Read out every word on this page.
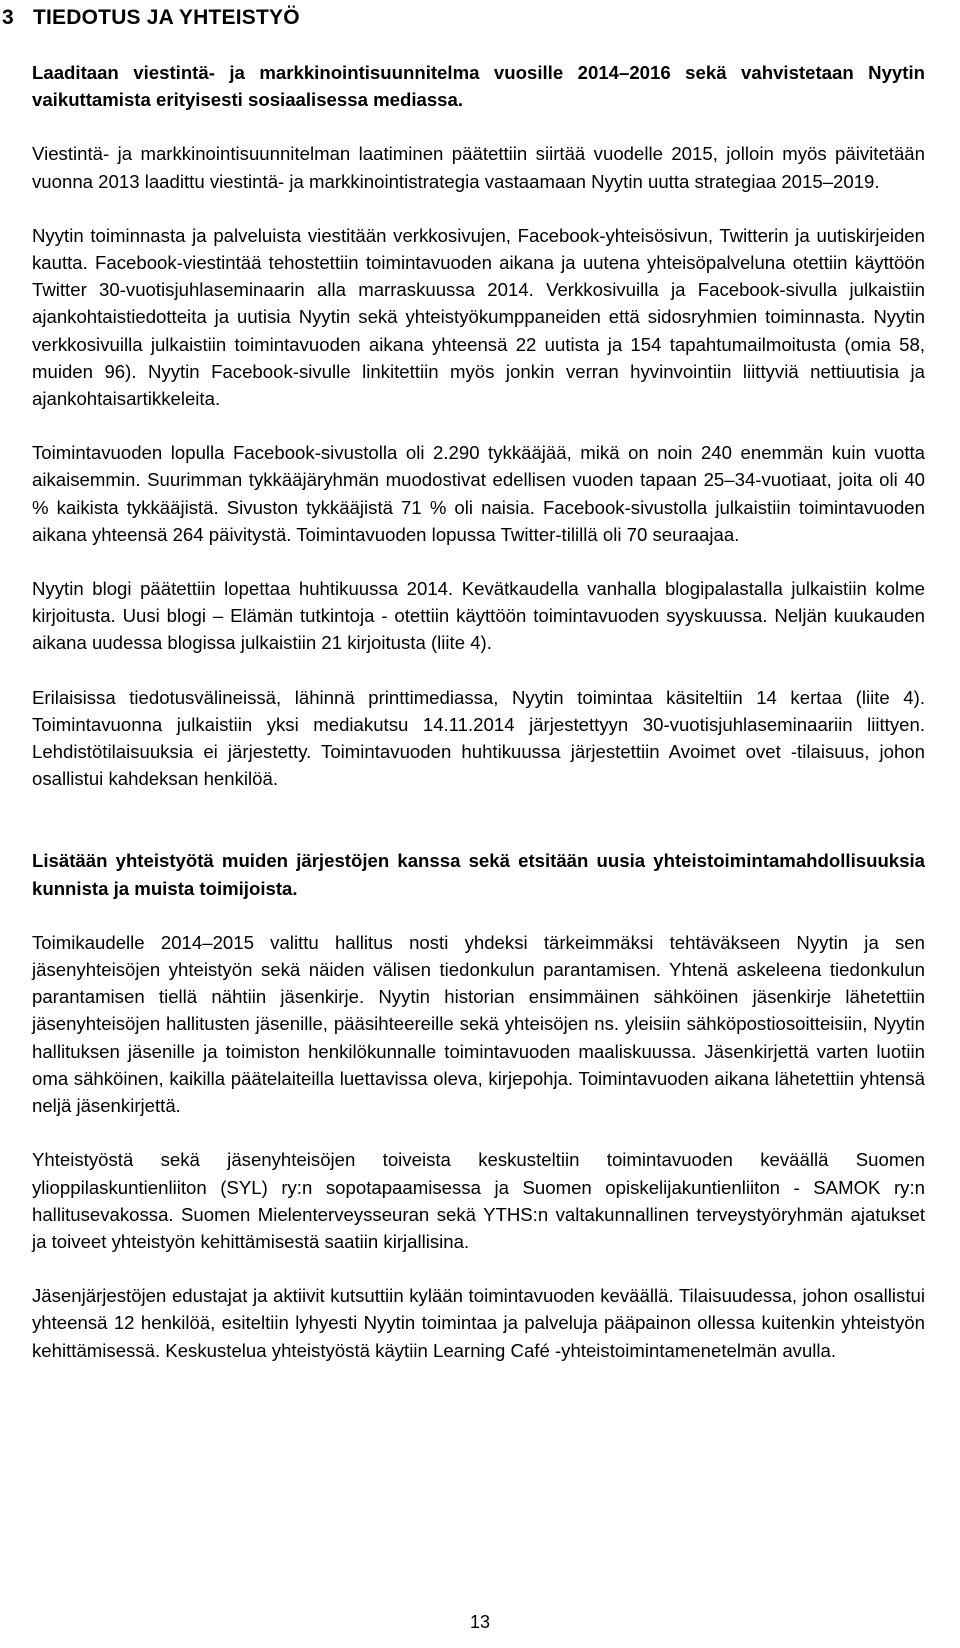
3 TIEDOTUS JA YHTEISTYÖ

Laaditaan viestintä- ja markkinointisuunnitelma vuosille 2014–2016 sekä vahvistetaan Nyytin vaikuttamista erityisesti sosiaalisessa mediassa.

Viestintä- ja markkinointisuunnitelman laatiminen päätettiin siirtää vuodelle 2015, jolloin myös päivitetään vuonna 2013 laadittu viestintä- ja markkinointistrategia vastaamaan Nyytin uutta strategiaa 2015–2019.

Nyytin toiminnasta ja palveluista viestitään verkkosivujen, Facebook-yhteisösivun, Twitterin ja uutiskirjeiden kautta. Facebook-viestintää tehostettiin toimintavuoden aikana ja uutena yhteisöpalveluna otettiin käyttöön Twitter 30-vuotisjuhlaseminaarin alla marraskuussa 2014. Verkkosivuilla ja Facebook-sivulla julkaistiin ajankohtaistiedotteita ja uutisia Nyytin sekä yhteistyökumppaneiden että sidosryhmien toiminnasta. Nyytin verkkosivuilla julkaistiin toimintavuoden aikana yhteensä 22 uutista ja 154 tapahtumailmoitusta (omia 58, muiden 96). Nyytin Facebook-sivulle linkitettiin myös jonkin verran hyvinvointiin liittyviä nettiuutisia ja ajankohtaisartikkeleita.

Toimintavuoden lopulla Facebook-sivustolla oli 2.290 tykkääjää, mikä on noin 240 enemmän kuin vuotta aikaisemmin. Suurimman tykkääjäryhmän muodostivat edellisen vuoden tapaan 25–34-vuotiaat, joita oli 40 % kaikista tykkääjistä. Sivuston tykkääjistä 71 % oli naisia. Facebook-sivustolla julkaistiin toimintavuoden aikana yhteensä 264 päivitystä. Toimintavuoden lopussa Twitter-tilillä oli 70 seuraajaa.

Nyytin blogi päätettiin lopettaa huhtikuussa 2014. Kevätkaudella vanhalla blogipalastalla julkaistiin kolme kirjoitusta. Uusi blogi – Elämän tutkintoja - otettiin käyttöön toimintavuoden syyskuussa. Neljän kuukauden aikana uudessa blogissa julkaistiin 21 kirjoitusta (liite 4).

Erilaisissa tiedotusvälineissä, lähinnä printtimediassa, Nyytin toimintaa käsiteltiin 14 kertaa (liite 4). Toimintavuonna julkaistiin yksi mediakutsu 14.11.2014 järjestettyyn 30-vuotisjuhlaseminaariin liittyen. Lehdistötilaisuuksia ei järjestetty. Toimintavuoden huhtikuussa järjestettiin Avoimet ovet -tilaisuus, johon osallistui kahdeksan henkilöä.

Lisätään yhteistyötä muiden järjestöjen kanssa sekä etsitään uusia yhteistoimintamahdollisuuksia kunnista ja muista toimijoista.

Toimikaudelle 2014–2015 valittu hallitus nosti yhdeksi tärkeimmäksi tehtäväkseen Nyytin ja sen jäsenyhteisöjen yhteistyön sekä näiden välisen tiedonkulun parantamisen. Yhtenä askeleena tiedonkulun parantamisen tiellä nähtiin jäsenkirje. Nyytin historian ensimmäinen sähköinen jäsenkirje lähetettiin jäsenyhteisöjen hallitusten jäsenille, pääsihteereille sekä yhteisöjen ns. yleisiin sähköpostiosoitteisiin, Nyytin hallituksen jäsenille ja toimiston henkilökunnalle toimintavuoden maaliskuussa. Jäsenkirjettä varten luotiin oma sähköinen, kaikilla päätelaiteilla luettavissa oleva, kirjepohja. Toimintavuoden aikana lähetettiin yhtensä neljä jäsenkirjettä.

Yhteistyöstä sekä jäsenyhteisöjen toiveista keskusteltiin toimintavuoden keväällä Suomen ylioppilaskuntienliiton (SYL) ry:n sopotapaamisessa ja Suomen opiskelijakuntienliiton - SAMOK ry:n hallitusevakossa. Suomen Mielenterveysseuran sekä YTHS:n valtakunnallinen terveystyöryhmän ajatukset ja toiveet yhteistyön kehittämisestä saatiin kirjallisina.

Jäsenjärjestöjen edustajat ja aktiivit kutsuttiin kylään toimintavuoden keväällä. Tilaisuudessa, johon osallistui yhteensä 12 henkilöä, esiteltiin lyhyesti Nyytin toimintaa ja palveluja pääpainon ollessa kuitenkin yhteistyön kehittämisessä. Keskustelua yhteistyöstä käytiin Learning Café -yhteistoimintamenetelmän avulla.

13
